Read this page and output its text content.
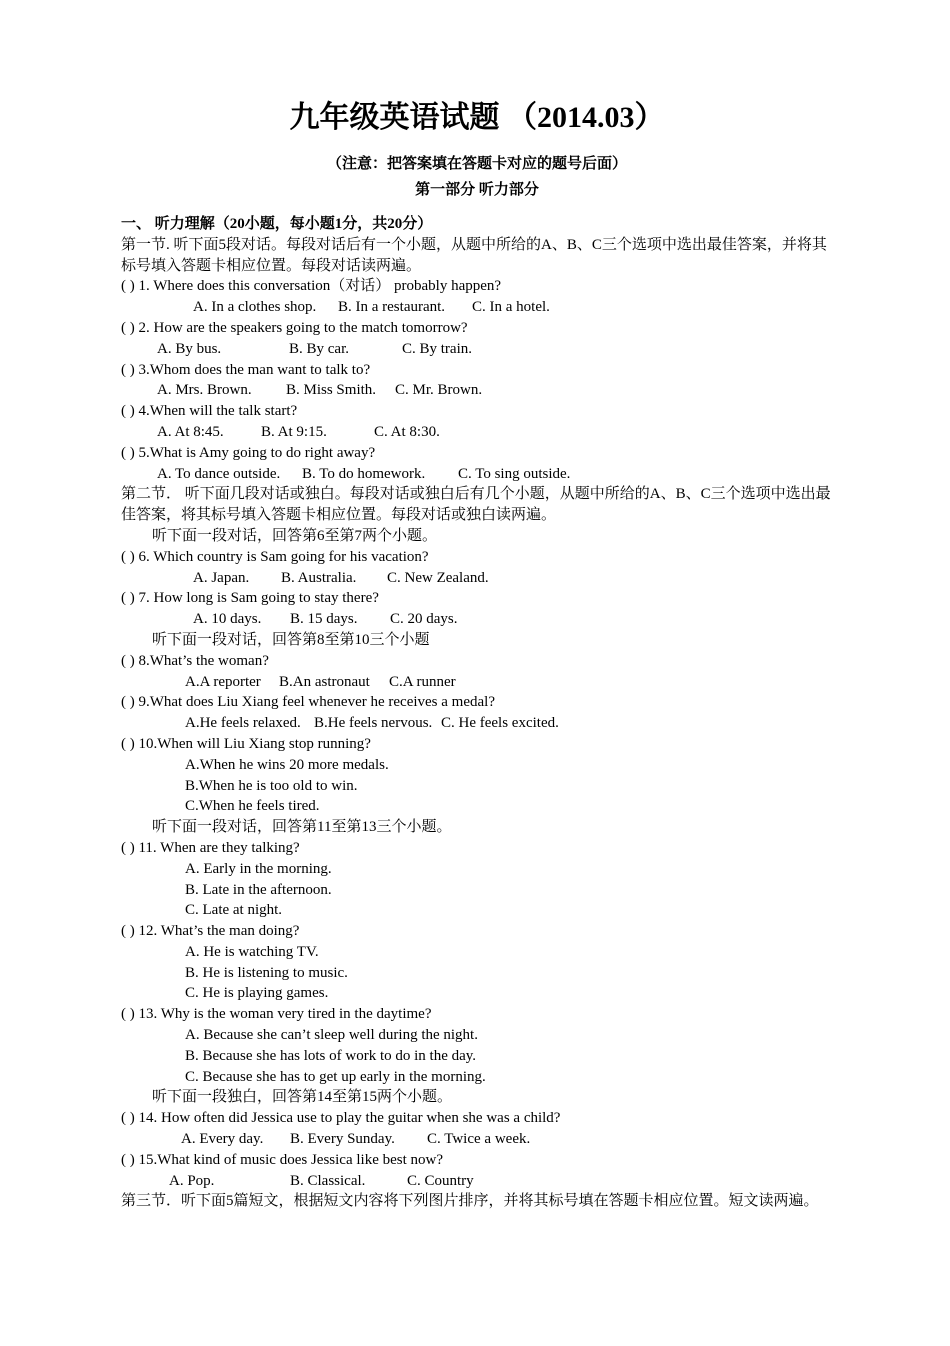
九年级英语试题 （2014.03）
（注意：把答案填在答题卡对应的题号后面）
第一部分 听力部分
一、 听力理解（20小题，每小题1分，共20分）
第一节. 听下面5段对话。每段对话后有一个小题，从题中所给的A、B、C三个选项中选出最佳答案，并将其标号填入答题卡相应位置。每段对话读两遍。
( ) 1. Where does this conversation（对话） probably happen?
A. In a clothes shop. B. In a restaurant. C. In a hotel.
( ) 2. How are the speakers going to the match tomorrow?
A. By bus.	B. By car.	C. By train.
( ) 3.Whom does the man want to talk to?
A. Mrs. Brown. B. Miss Smith. C. Mr. Brown.
( ) 4.When will the talk start?
A. At 8:45. B. At 9:15.	C. At 8:30.
( ) 5.What is Amy going to do right away?
A. To dance outside. B. To do homework. C. To sing outside.
第二节． 听下面几段对话或独白。每段对话或独白后有几个小题，从题中所给的A、B、C三个选项中选出最佳答案，将其标号填入答题卡相应位置。每段对话或独白读两遍。
听下面一段对话，回答第6至第7两个小题。
( ) 6. Which country is Sam going for his vacation?
A. Japan. B. Australia. C. New Zealand.
( ) 7. How long is Sam going to stay there?
A. 10 days. B. 15 days. C. 20 days.
听下面一段对话，回答第8至第10三个小题
( ) 8.What’s the woman?
A.A reporter B.An astronaut C.A runner
( ) 9.What does Liu Xiang feel whenever he receives a medal?
A.He feels relaxed. B.He feels nervous. C. He feels excited.
( ) 10.When will Liu Xiang stop running?
A.When he wins 20 more medals.
B.When he is too old to win.
C.When he feels tired.
听下面一段对话，回答第11至第13三个小题。
( ) 11. When are they talking?
A. Early in the morning.
B. Late in the afternoon.
C. Late at night.
( ) 12. What’s the man doing?
A. He is watching TV.
B. He is listening to music.
C. He is playing games.
( ) 13. Why is the woman very tired in the daytime?
A. Because she can’t sleep well during the night.
B. Because she has lots of work to do in the day.
C. Because she has to get up early in the morning.
听下面一段独白，回答第14至第15两个小题。
( ) 14. How often did Jessica use to play the guitar when she was a child?
A. Every day. B. Every Sunday. C. Twice a week.
( ) 15.What kind of music does Jessica like best now?
A. Pop.	B. Classical.	C. Country
第三节．听下面5篇短文，根据短文内容将下列图片排序，并将其标号填在答题卡相应位置。短文读两遍。
